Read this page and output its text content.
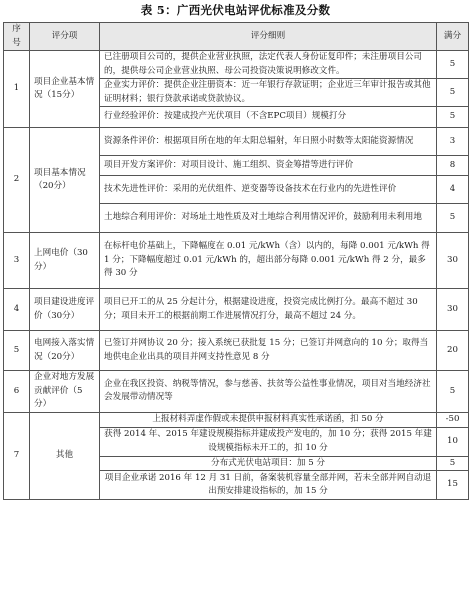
表 5：广西光伏电站评优标准及分数
序号	评分项	评分细则	满分
1	项目企业基本情况（15分）	已注册项目公司的，提供企业营业执照，法定代表人身份证复印件；未注册项目公司的，提供母公司企业营业执照、母公司投资决策说明修改文件。	5
		企业实力评价：提供企业注册资本：近一年银行存款证明；企业近三年审计报告或其他证明材料；银行贷款承诺或贷款协议。	5
		行业经验评价：按建成投产光伏项目（不含EPC项目）规模打分	5
2	项目基本情况（20分）	资源条件评价：根据项目所在地的年太阳总辐射，年日照小时数等太阳能资源情况	3
		项目开发方案评价：对项目设计、施工组织、资金筹措等进行评价	8
		技术先进性评价：采用的光伏组件、逆变器等设备技术在行业内的先进性评价	4
		土地综合利用评价：对场址土地性质及对土地综合利用情况评价，鼓励利用未利用地	5
3	上网电价（30分）	在标杆电价基础上，下降幅度在 0.01 元/kWh（含）以内的，每降 0.001 元/kWh 得 1 分；下降幅度超过 0.01 元/kWh 的，超出部分每降 0.001 元/kWh 得 2 分，最多得 30 分	30
4	项目建设进度评价（30分）	项目已开工的从 25 分起计分，根据建设进度，投资完成比例打分。最高不超过 30 分；项目未开工的根据前期工作进展情况打分，最高不超过 24 分。	30
5	电网接入落实情况（20分）	已签订并网协议 20 分；接入系统已获批复 15 分；已签订并网意向的 10 分；取得当地供电企业出具的项目并网支持性意见 8 分	20
6	企业对地方发展贡献评价（5分）	企业在我区投资、纳税等情况，参与慈善、扶贫等公益性事业情况，项目对当地经济社会发展带动情况等	5
7	其他	上报材料弄虚作假或未提供申报材料真实性承诺函，扣 50 分	-50
		获得 2014 年、2015 年建设规模指标并建成投产发电的，加 10 分；获得 2015 年建设规模指标未开工的，扣 10 分	10
		分布式光伏电站项目：加 5 分	5
		项目企业承诺 2016 年 12 月 31 日前，备案装机容量全部并网，若未全部并网自动退出预安排建设指标的，加 15 分	15
